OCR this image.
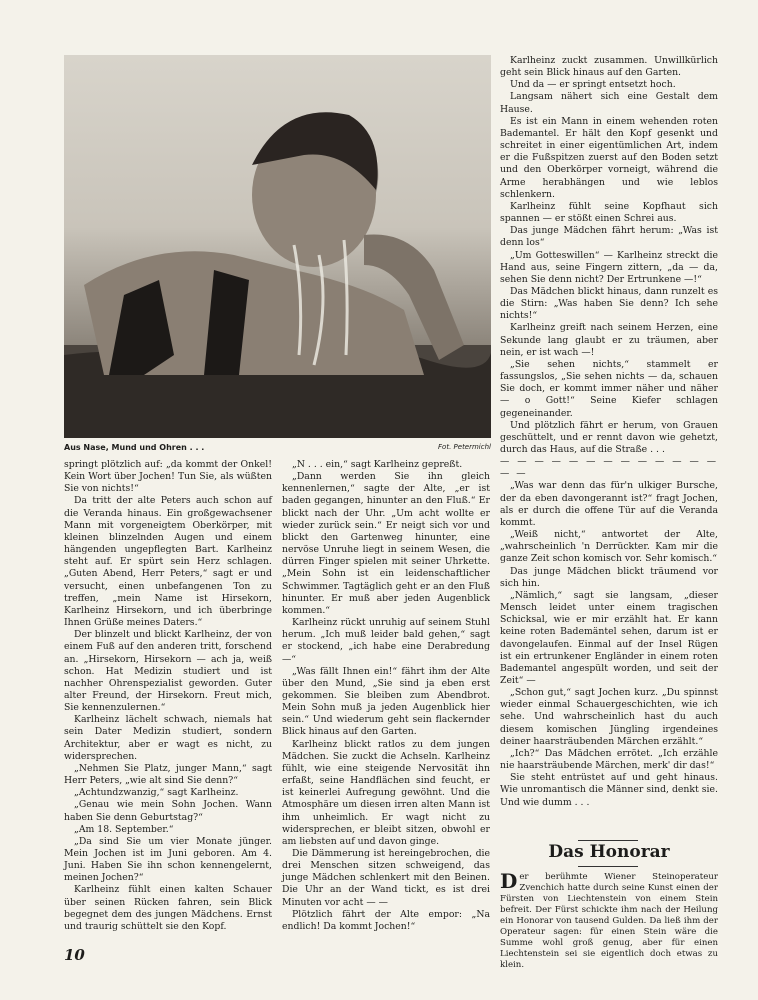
Aus Nase, Mund und Ohren . . .	Fot. Petermichl

springt plötzlich auf: „da kommt der Onkel! Kein Wort über Jochen! Tun Sie, als wüßten Sie von nichts!“

Da tritt der alte Peters auch schon auf die Veranda hinaus. Ein großgewachsener Mann mit vorgeneigtem Oberkörper, mit kleinen blinzelnden Augen und einem hängenden ungepflegten Bart. Karlheinz steht auf. Er spürt sein Herz schlagen. „Guten Abend, Herr Peters,“ sagt er und versucht, einen unbefangenen Ton zu treffen, „mein Name ist Hirsekorn, Karlheinz Hirsekorn, und ich überbringe Ihnen Grüße meines Daters.“

Der blinzelt und blickt Karlheinz, der von einem Fuß auf den anderen tritt, forschend an. „Hirsekorn, Hirsekorn — ach ja, weiß schon. Hat Medizin studiert und ist nachher Ohrenspezialist geworden. Guter alter Freund, der Hirsekorn. Freut mich, Sie kennenzulernen.“

Karlheinz lächelt schwach, niemals hat sein Dater Medizin studiert, sondern Architektur, aber er wagt es nicht, zu widersprechen.

„Nehmen Sie Platz, junger Mann,“ sagt Herr Peters, „wie alt sind Sie denn?“

„Achtundzwanzig,“ sagt Karlheinz.

„Genau wie mein Sohn Jochen. Wann haben Sie denn Geburtstag?“

„Am 18. September.“

„Da sind Sie um vier Monate jünger. Mein Jochen ist im Juni geboren. Am 4. Juni. Haben Sie ihn schon kennengelernt, meinen Jochen?“

Karlheinz fühlt einen kalten Schauer über seinen Rücken fahren, sein Blick begegnet dem des jungen Mädchens. Ernst und traurig schüttelt sie den Kopf.

„N . . . ein,“ sagt Karlheinz gepreßt.

„Dann werden Sie ihn gleich kennenlernen,“ sagte der Alte, „er ist baden gegangen, hinunter an den Fluß.“ Er blickt nach der Uhr. „Um acht wollte er wieder zurück sein.“ Er neigt sich vor und blickt den Gartenweg hinunter, eine nervöse Unruhe liegt in seinem Wesen, die dürren Finger spielen mit seiner Uhrkette. „Mein Sohn ist ein leidenschaftlicher Schwimmer. Tagtäglich geht er an den Fluß hinunter. Er muß aber jeden Augenblick kommen.“

Karlheinz rückt unruhig auf seinem Stuhl herum. „Ich muß leider bald gehen,“ sagt er stockend, „ich habe eine Derabredung —“

„Was fällt Ihnen ein!“ fährt ihm der Alte über den Mund, „Sie sind ja eben erst gekommen. Sie bleiben zum Abendbrot. Mein Sohn muß ja jeden Augenblick hier sein.“ Und wiederum geht sein flackernder Blick hinaus auf den Garten.

Karlheinz blickt ratlos zu dem jungen Mädchen. Sie zuckt die Achseln. Karlheinz fühlt, wie eine steigende Nervosität ihn erfaßt, seine Handflächen sind feucht, er ist keinerlei Aufregung gewöhnt. Und die Atmosphäre um diesen irren alten Mann ist ihm unheimlich. Er wagt nicht zu widersprechen, er bleibt sitzen, obwohl er am liebsten auf und davon ginge.

Die Dämmerung ist hereingebrochen, die drei Menschen sitzen schweigend, das junge Mädchen schlenkert mit den Beinen. Die Uhr an der Wand tickt, es ist drei Minuten vor acht — —

Plötzlich fährt der Alte empor: „Na endlich! Da kommt Jochen!“

Karlheinz zuckt zusammen. Unwillkürlich geht sein Blick hinaus auf den Garten.

Und da — er springt entsetzt hoch.

Langsam nähert sich eine Gestalt dem Hause.

Es ist ein Mann in einem wehenden roten Bademantel. Er hält den Kopf gesenkt und schreitet in einer eigentümlichen Art, indem er die Fußspitzen zuerst auf den Boden setzt und den Oberkörper vorneigt, während die Arme herabhängen und wie leblos schlenkern.

Karlheinz fühlt seine Kopfhaut sich spannen — er stößt einen Schrei aus.

Das junge Mädchen fährt herum: „Was ist denn los“

„Um Gotteswillen“ — Karlheinz streckt die Hand aus, seine Fingern zittern, „da — da, sehen Sie denn nicht? Der Ertrunkene —!“

Das Mädchen blickt hinaus, dann runzelt es die Stirn: „Was haben Sie denn? Ich sehe nichts!“

Karlheinz greift nach seinem Herzen, eine Sekunde lang glaubt er zu träumen, aber nein, er ist wach —!

„Sie sehen nichts,“ stammelt er fassungslos, „Sie sehen nichts — da, schauen Sie doch, er kommt immer näher und näher — o Gott!“ Seine Kiefer schlagen gegeneinander.

Und plötzlich fährt er herum, von Grauen geschüttelt, und er rennt davon wie gehetzt, durch das Haus, auf die Straße . . .

— — — — — — — — — — — — — — —

„Was war denn das für'n ulkiger Bursche, der da eben davongerannt ist?“ fragt Jochen, als er durch die offene Tür auf die Veranda kommt.

„Weiß nicht,“ antwortet der Alte, „wahrscheinlich 'n Derrückter. Kam mir die ganze Zeit schon komisch vor. Sehr komisch.“

Das junge Mädchen blickt träumend vor sich hin.

„Nämlich,“ sagt sie langsam, „dieser Mensch leidet unter einem tragischen Schicksal, wie er mir erzählt hat. Er kann keine roten Bademäntel sehen, darum ist er davongelaufen. Einmal auf der Insel Rügen ist ein ertrunkener Engländer in einem roten Bademantel angespült worden, und seit der Zeit“ —

„Schon gut,“ sagt Jochen kurz. „Du spinnst wieder einmal Schauergeschichten, wie ich sehe. Und wahrscheinlich hast du auch diesem komischen Jüngling irgendeines deiner haarsträubenden Märchen erzählt.“

„Ich?“ Das Mädchen errötet. „Ich erzähle nie haarsträubende Märchen, merk' dir das!“

Sie steht entrüstet auf und geht hinaus. Wie unromantisch die Männer sind, denkt sie. Und wie dumm . . .

Das Honorar
Der berühmte Wiener Steinoperateur Zvenchich hatte durch seine Kunst einen der Fürsten von Liechtenstein von einem Stein befreit. Der Fürst schickte ihm nach der Heilung ein Honorar von tausend Gulden. Da ließ ihm der Operateur sagen: für einen Stein wäre die Summe wohl groß genug, aber für einen Liechtenstein sei sie eigentlich doch etwas zu klein.
10
